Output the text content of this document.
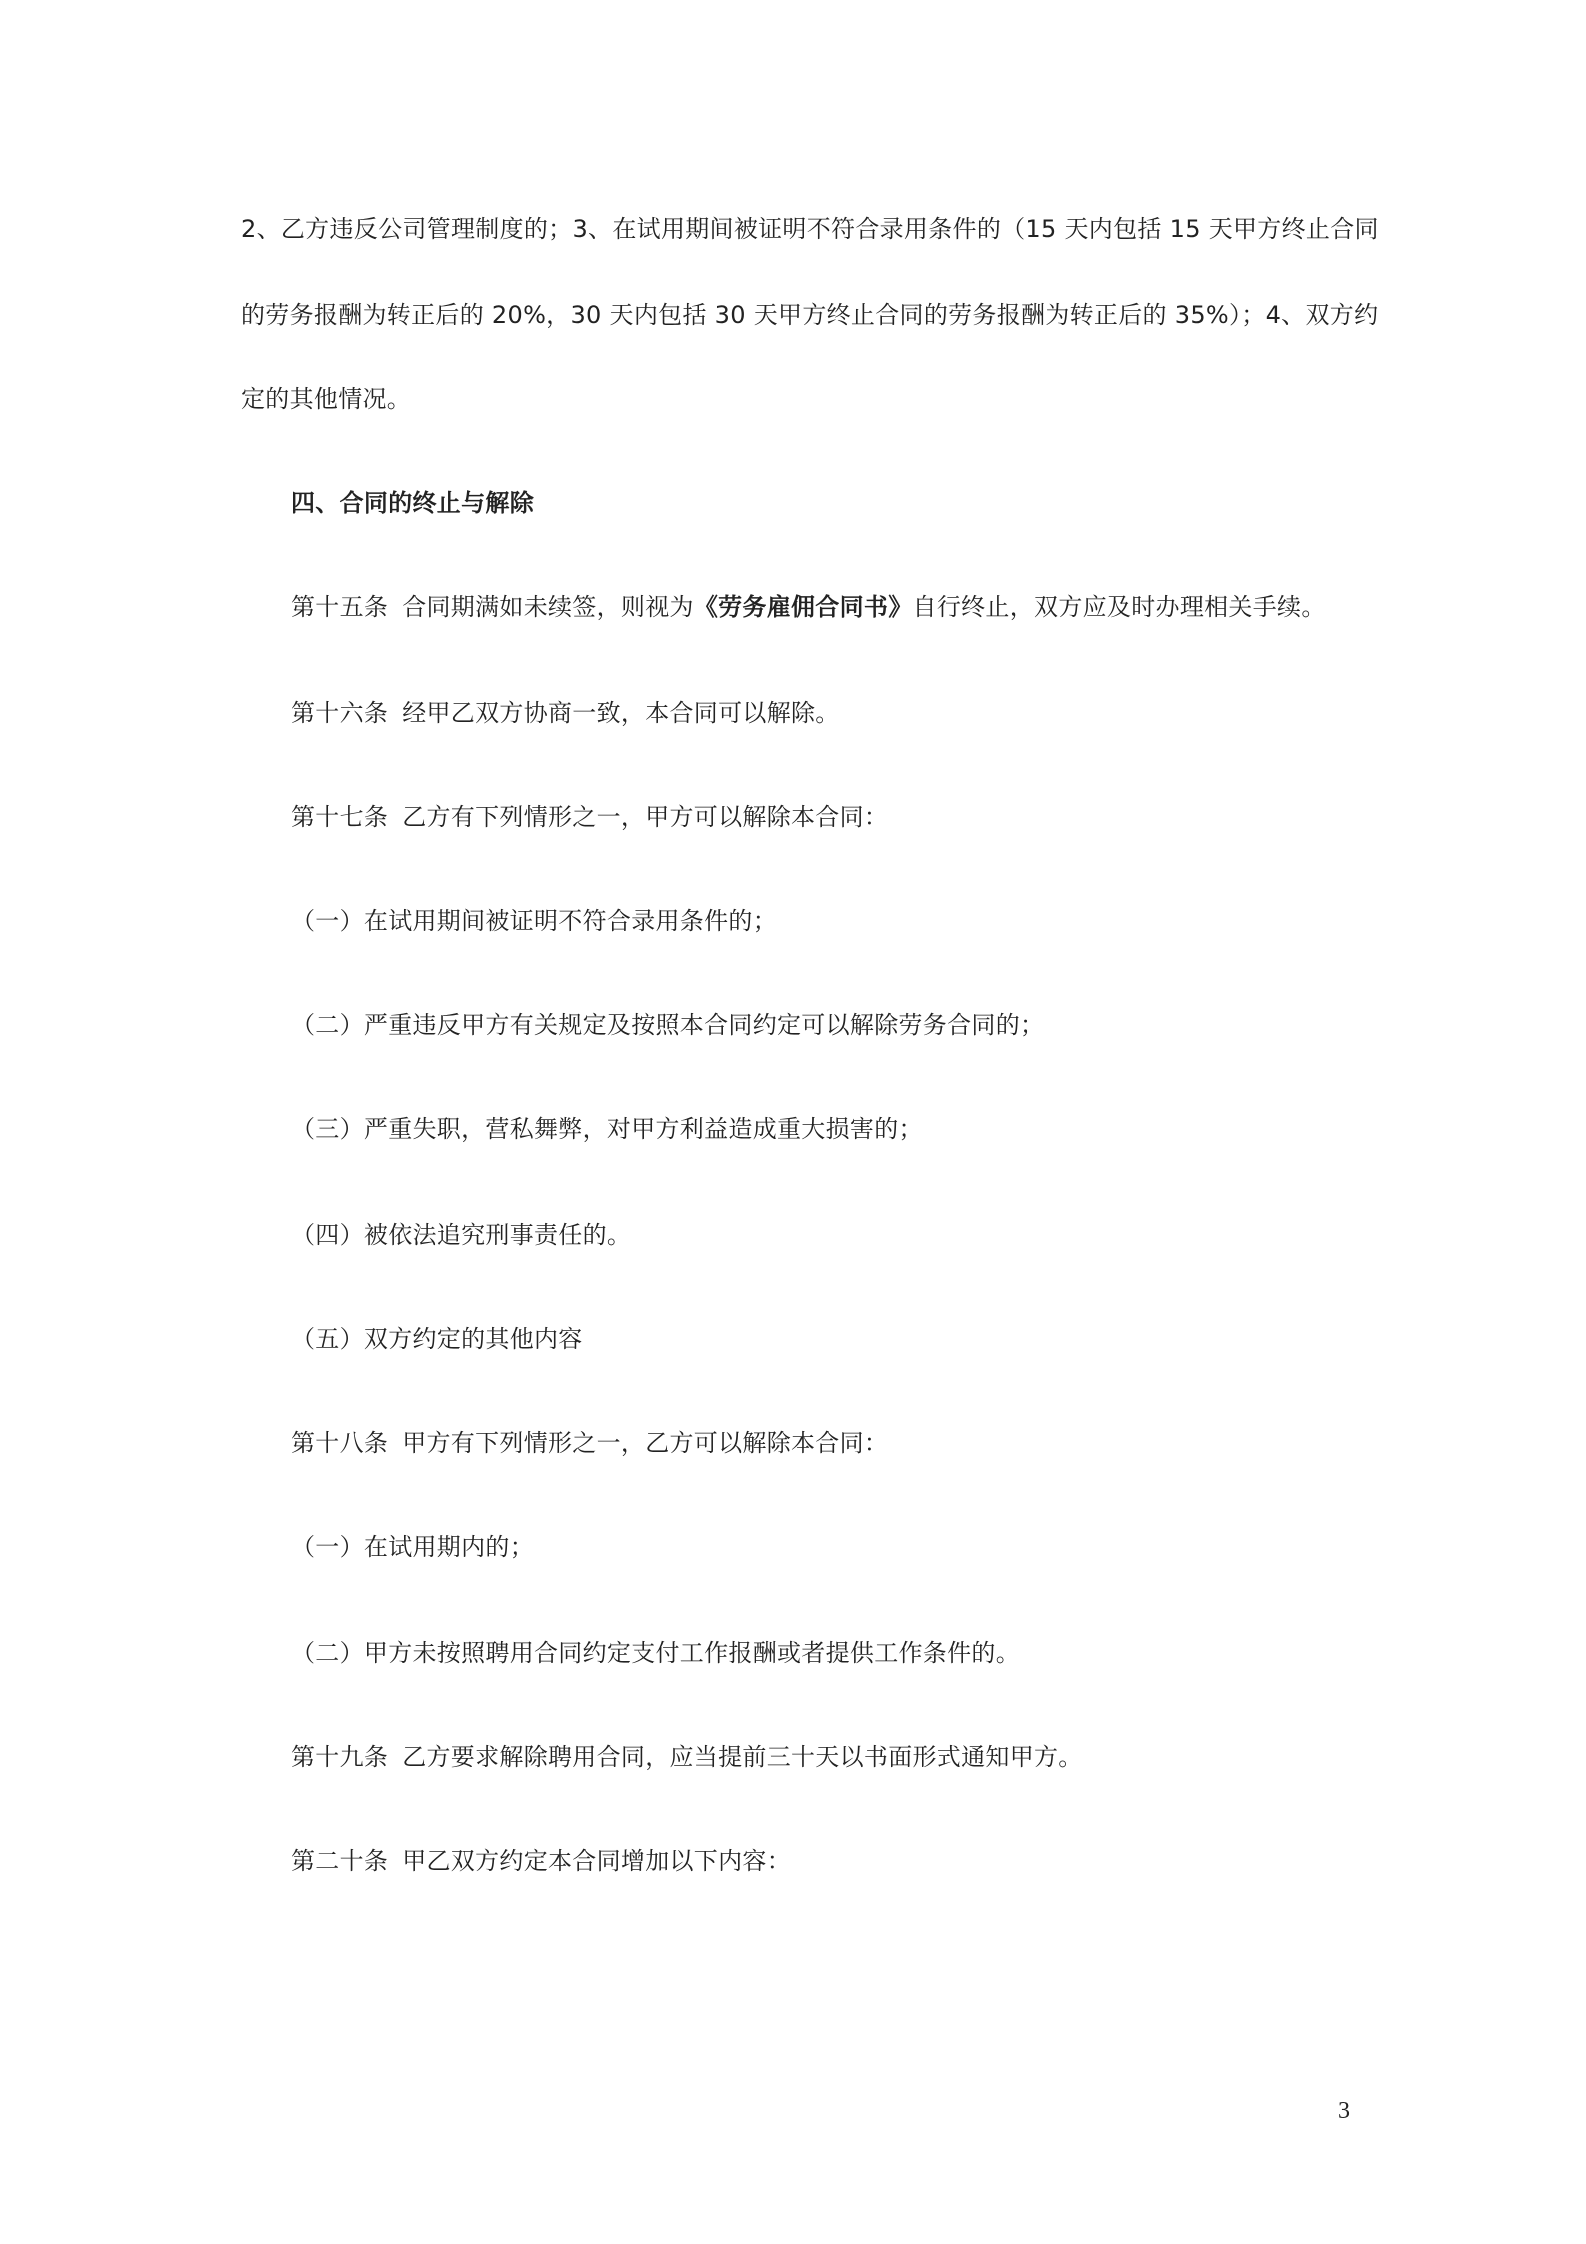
2、乙方违反公司管理制度的；3、在试用期间被证明不符合录用条件的（15 天内包括 15 天甲方终止合同
的劳务报酬为转正后的 20%，30 天内包括 30 天甲方终止合同的劳务报酬为转正后的 35%）；4、双方约
定的其他情况。
四、合同的终止与解除
第十五条 合同期满如未续签，则视为《劳务雇佣合同书》自行终止，双方应及时办理相关手续。
第十六条 经甲乙双方协商一致，本合同可以解除。
第十七条 乙方有下列情形之一，甲方可以解除本合同：
（一）在试用期间被证明不符合录用条件的；
（二）严重违反甲方有关规定及按照本合同约定可以解除劳务合同的；
（三）严重失职，营私舞弊，对甲方利益造成重大损害的；
（四）被依法追究刑事责任的。
（五）双方约定的其他内容
第十八条 甲方有下列情形之一，乙方可以解除本合同：
（一）在试用期内的；
（二）甲方未按照聘用合同约定支付工作报酬或者提供工作条件的。
第十九条 乙方要求解除聘用合同，应当提前三十天以书面形式通知甲方。
第二十条 甲乙双方约定本合同增加以下内容：
3
